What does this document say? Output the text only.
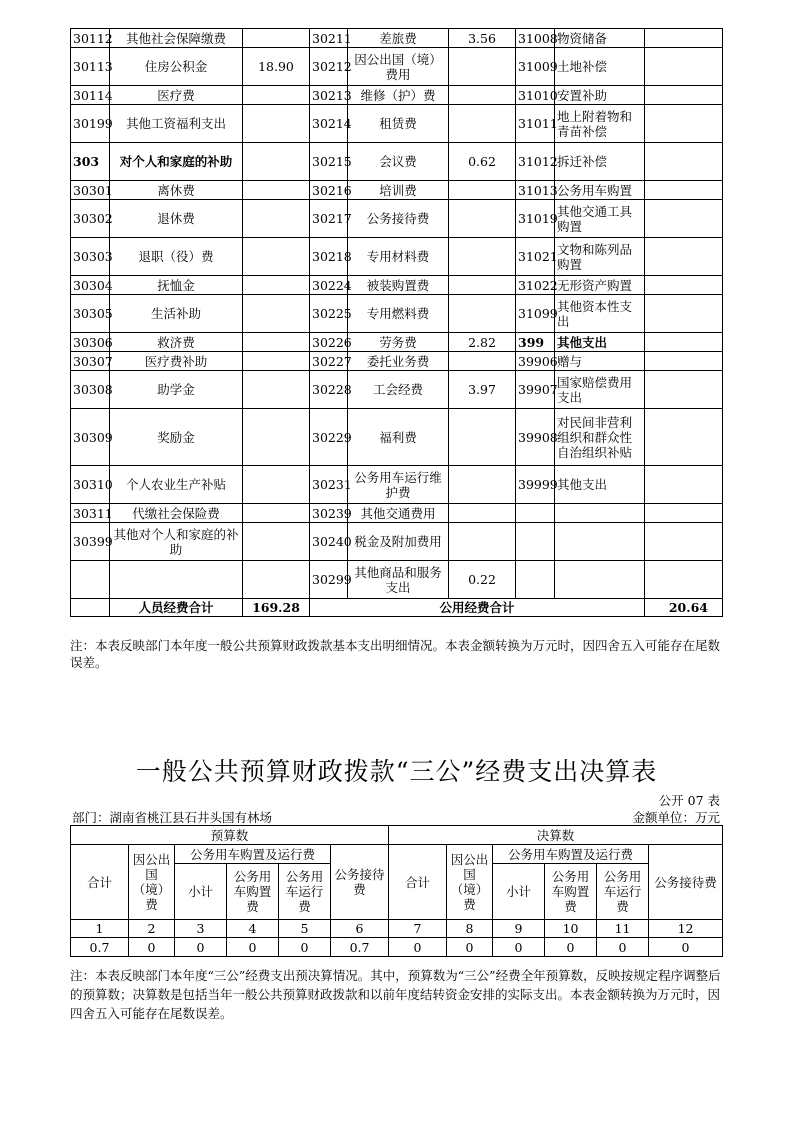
30112	其他社会保障缴费		30211	差旅费	3.56	31008	物资储备	
30113	住房公积金	18.90	30212	因公出国（境）费用		31009	土地补偿	
30114	医疗费		30213	维修（护）费		31010	安置补助	
30199	其他工资福利支出		30214	租赁费		31011	地上附着物和青苗补偿	
303	对个人和家庭的补助		30215	会议费	0.62	31012	拆迁补偿	
30301	离休费		30216	培训费		31013	公务用车购置	
30302	退休费		30217	公务接待费		31019	其他交通工具购置	
30303	退职（役）费		30218	专用材料费		31021	文物和陈列品购置	
30304	抚恤金		30224	被装购置费		31022	无形资产购置	
30305	生活补助		30225	专用燃料费		31099	其他资本性支出	
30306	救济费		30226	劳务费	2.82	399	其他支出	
30307	医疗费补助		30227	委托业务费		39906	赠与	
30308	助学金		30228	工会经费	3.97	39907	国家赔偿费用支出	
30309	奖励金		30229	福利费		39908	对民间非营利组织和群众性自治组织补贴	
30310	个人农业生产补贴		30231	公务用车运行维护费		39999	其他支出	
30311	代缴社会保险费		30239	其他交通费用				
30399	其他对个人和家庭的补助		30240	税金及附加费用				
			30299	其他商品和服务支出	0.22			
	人员经费合计	169.28	公用经费合计					20.64
注：本表反映部门本年度一般公共预算财政拨款基本支出明细情况。本表金额转换为万元时，因四舍五入可能存在尾数误差。
一般公共预算财政拨款“三公”经费支出决算表
公开 07 表
部门：湖南省桃江县石井头国有林场	金额单位：万元
预算数						决算数					
合计	因公出国（境）费	公务用车购置及运行费			公务接待费	合计	因公出国（境）费	公务用车购置及运行费			公务接待费
		小计	公务用车购置费	公务用车运行费				小计	公务用车购置费	公务用车运行费	
1	2	3	4	5	6	7	8	9	10	11	12
0.7	0	0	0	0	0.7	0	0	0	0	0	0
注：本表反映部门本年度“三公”经费支出预决算情况。其中，预算数为“三公”经费全年预算数，反映按规定程序调整后的预算数；决算数是包括当年一般公共预算财政拨款和以前年度结转资金安排的实际支出。本表金额转换为万元时，因四舍五入可能存在尾数误差。
